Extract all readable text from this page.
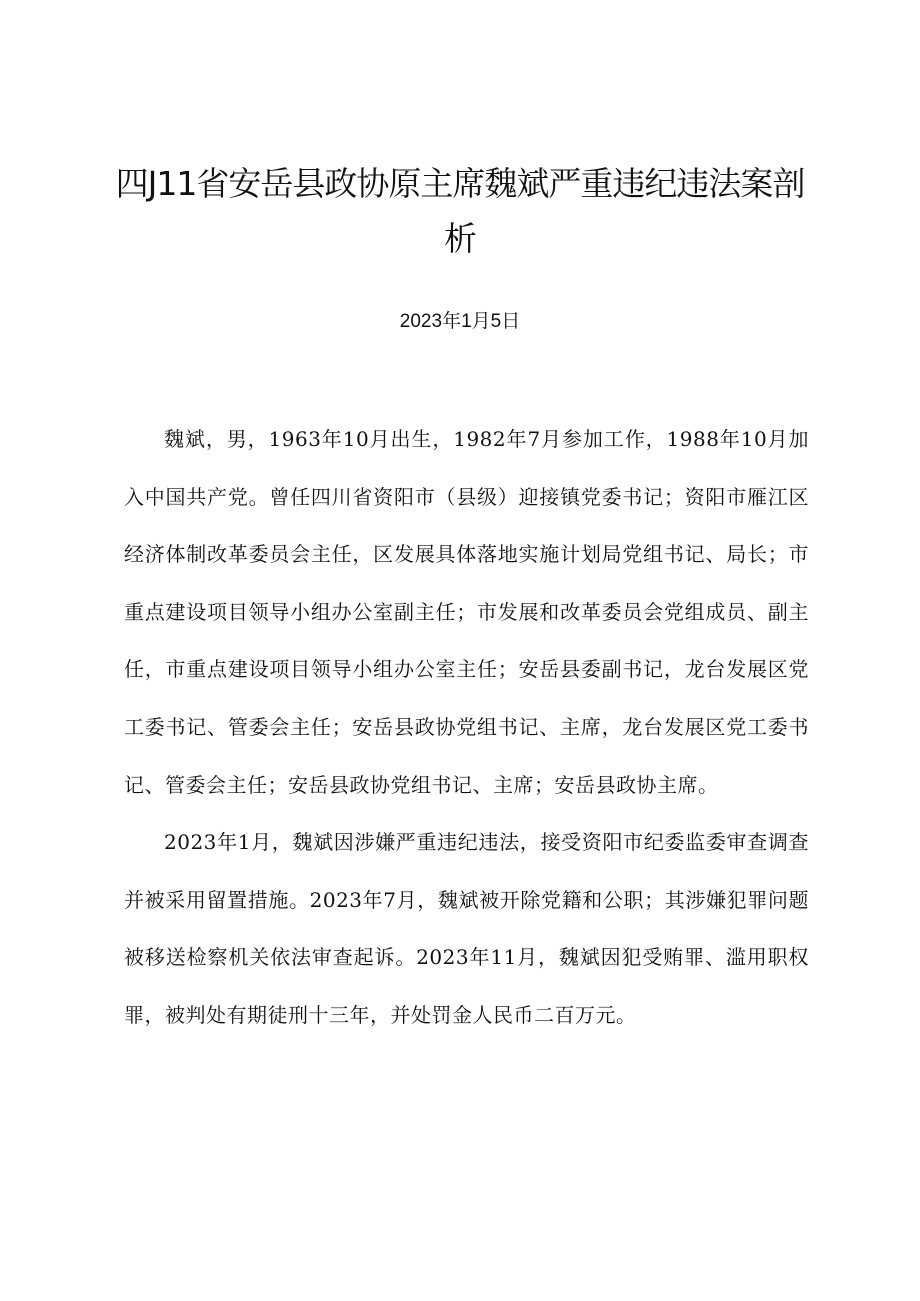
四J11省安岳县政协原主席魏斌严重违纪违法案剖析

2023年1月5日

魏斌，男，1963年10月出生，1982年7月参加工作，1988年10月加入中国共产党。曾任四川省资阳市（县级）迎接镇党委书记；资阳市雁江区经济体制改革委员会主任，区发展具体落地实施计划局党组书记、局长；市重点建设项目领导小组办公室副主任；市发展和改革委员会党组成员、副主任，市重点建设项目领导小组办公室主任；安岳县委副书记，龙台发展区党工委书记、管委会主任；安岳县政协党组书记、主席，龙台发展区党工委书记、管委会主任；安岳县政协党组书记、主席；安岳县政协主席。

2023年1月，魏斌因涉嫌严重违纪违法，接受资阳市纪委监委审查调查并被采用留置措施。2023年7月，魏斌被开除党籍和公职；其涉嫌犯罪问题被移送检察机关依法审查起诉。2023年11月，魏斌因犯受贿罪、滥用职权罪，被判处有期徒刑十三年，并处罚金人民币二百万元。
